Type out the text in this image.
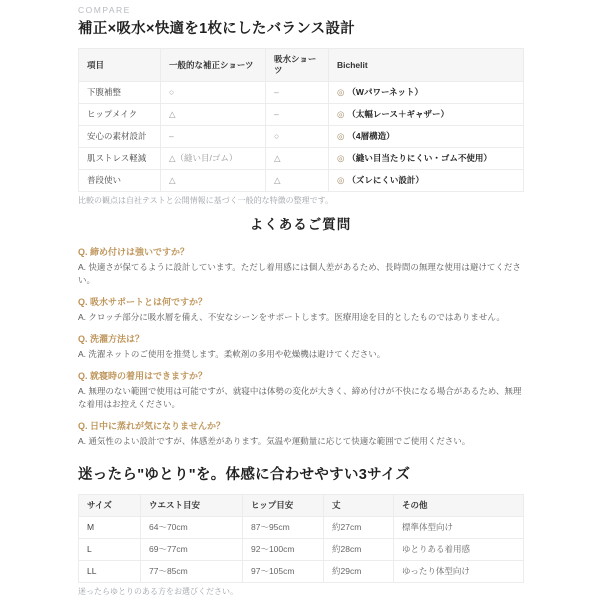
COMPARE
補正×吸水×快適を1枚にしたバランス設計
項目	一般的な補正ショーツ	吸水ショーツ	Bichelit
下腹補整	○	–	◎ （Wパワーネット）
ヒップメイク	△	–	◎ （太幅レース＋ギャザー）
安心の素材設計	–	○	◎ （4層構造）
肌ストレス軽減	△（縫い目/ゴム）	△	◎ （縫い目当たりにくい・ゴム不使用）
普段使い	△	△	◎ （ズレにくい設計）
比較の観点は自社テストと公開情報に基づく一般的な特徴の整理です。
よくあるご質問
Q. 締め付けは強いですか？
A. 快適さが保てるように設計しています。ただし着用感には個人差があるため、長時間の無理な使用は避けてください。
Q. 吸水サポートとは何ですか？
A. クロッチ部分に吸水層を備え、不安なシーンをサポートします。医療用途を目的としたものではありません。
Q. 洗濯方法は？
A. 洗濯ネットのご使用を推奨します。柔軟剤の多用や乾燥機は避けてください。
Q. 就寝時の着用はできますか？
A. 無理のない範囲で使用は可能ですが、就寝中は体勢の変化が大きく、締め付けが不快になる場合があるため、無理な着用はお控えください。
Q. 日中に蒸れが気になりませんか？
A. 通気性のよい設計ですが、体感差があります。気温や運動量に応じて快適な範囲でご使用ください。
迷ったら"ゆとり"を。体感に合わせやすい3サイズ
サイズ	ウエスト目安	ヒップ目安	丈	その他
M	64〜70cm	87〜95cm	約27cm	標準体型向け
L	69〜77cm	92〜100cm	約28cm	ゆとりある着用感
LL	77〜85cm	97〜105cm	約29cm	ゆったり体型向け
迷ったらゆとりのある方をお選びください。
